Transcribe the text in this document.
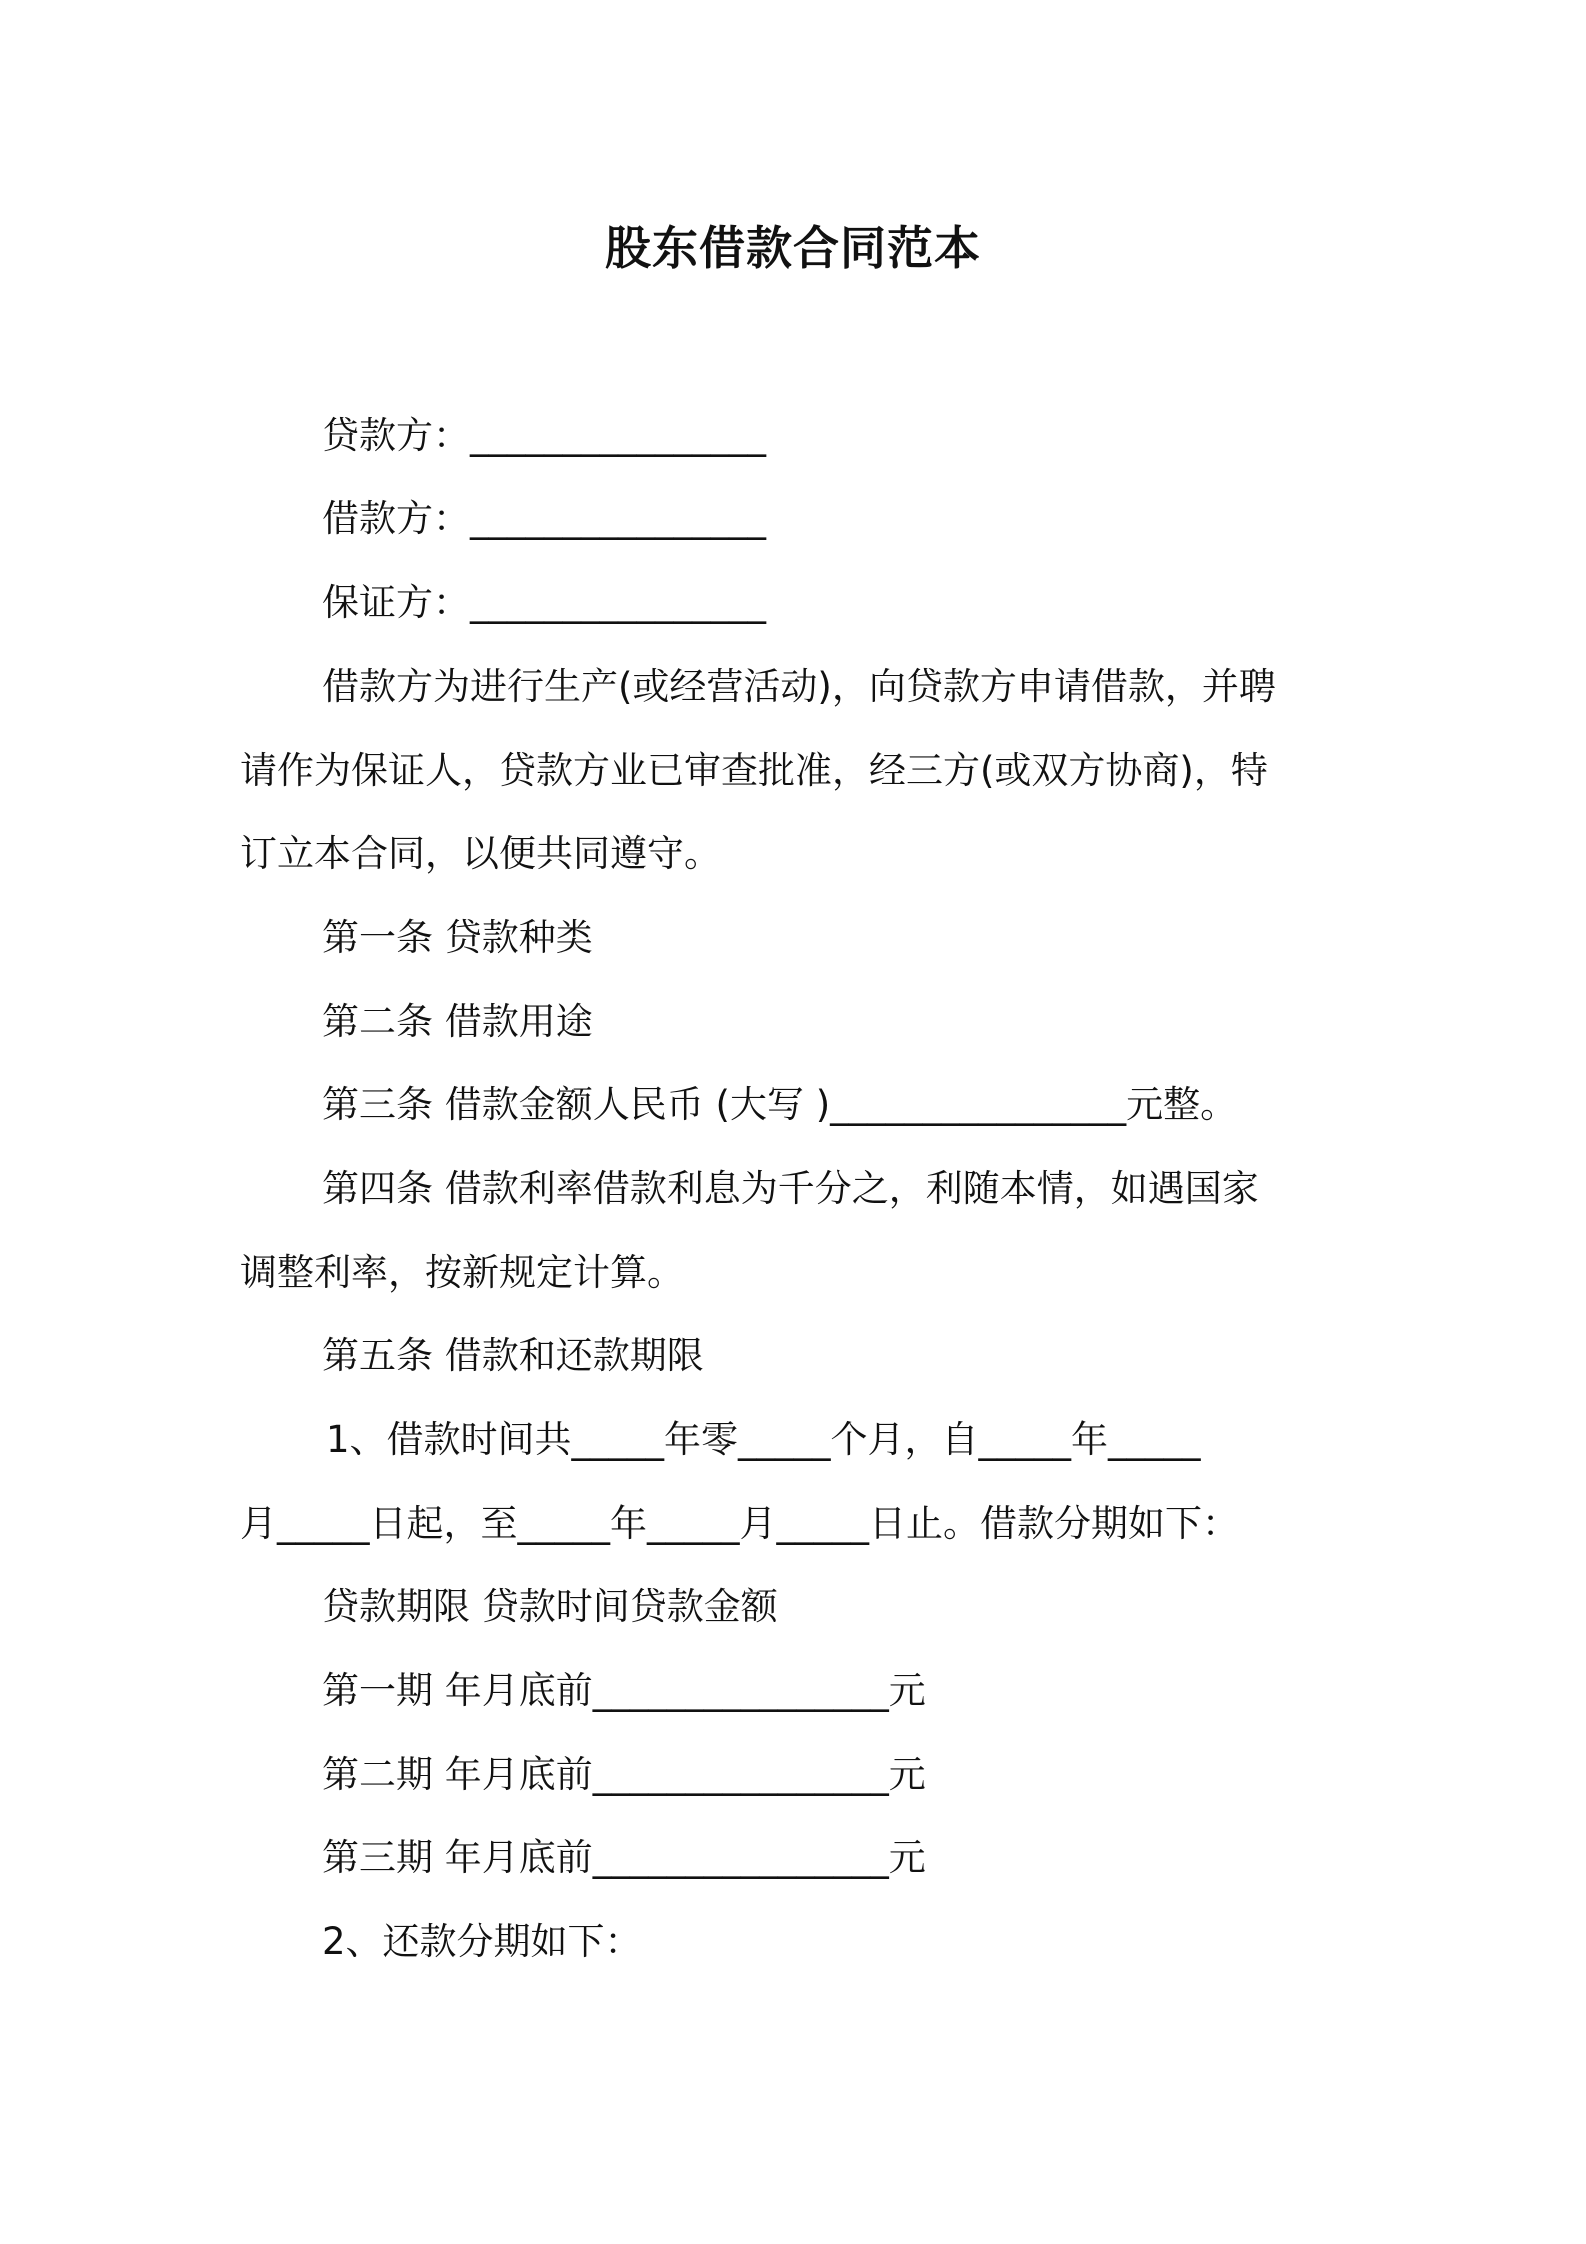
股东借款合同范本
贷款方：________________
借款方：________________
保证方：________________
借款方为进行生产(或经营活动)，向贷款方申请借款，并聘
请作为保证人，贷款方业已审查批准，经三方(或双方协商)，特
订立本合同，以便共同遵守。
第一条 贷款种类
第二条 借款用途
第三条 借款金额人民币 (大写 )________________元整。
第四条 借款利率借款利息为千分之，利随本情，如遇国家
调整利率，按新规定计算。
第五条 借款和还款期限
1、借款时间共_____年零_____个月，自_____年_____
月_____日起，至_____年_____月_____日止。借款分期如下：
贷款期限 贷款时间贷款金额
第一期 年月底前________________元
第二期 年月底前________________元
第三期 年月底前________________元
2、还款分期如下：
